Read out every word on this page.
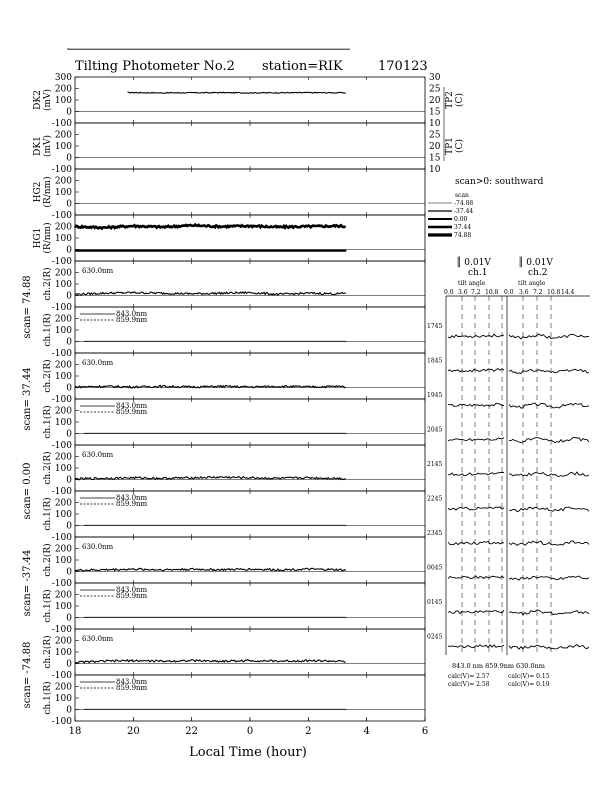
Tilting Photometer No.2 station=RIK	170123
300
200
100
0
-100
DK2 (mV)
200
100
0
-100
DK1 (mV)
200
100
0
-100
HG2 (R/nm)
200
100
0
-100
HG1 (R/nm)
200
100
0
-100
ch.2(R)	630.0nm
200
100
0
-100
ch.1(R)	843.0nm
859.9nm
200
100
0
-100
ch.2(R)	630.0nm
200
100
0
-100
ch.1(R)	843.0nm
859.9nm
200
100
0
-100
ch.2(R)	630.0nm
200
100
0
-100
ch.1(R)	843.0nm
859.9nm
200
100
0
-100
ch.2(R)	630.0nm
200
100
0
-100
ch.1(R)	843.0nm
859.9nm
200
100
0
-100
ch.2(R)	630.0nm
200
100
0
-100
ch.1(R)	843.0nm
859.9nm
scan= 74.88
scan= 37.44
scan= 0.00
scan= -37.44
scan= -74.88
30
25
20
15
10
25
20
15
10
TP2 (C)
TP1 (C)
scan>0: southward
scan
-74.88
-37.44
0.00
37.44
74.88
║ 0.01V	║ 0.01V
ch.1	ch.2
tilt angle	tilt angle
0.0 3.6 7.2 10.8 0.0 3.6 7.2 10.8 14.4
1745
1845
1945
2045
2145
2245
2345
0045
0145
0245
843.0 nm 859.9nm 630.0nm
calc(V)= 2.57
calc(V)= 2.58
calc(V)= 0.15
calc(V)= 0.19
18	20	22	0	2	4	6
Local Time (hour)
